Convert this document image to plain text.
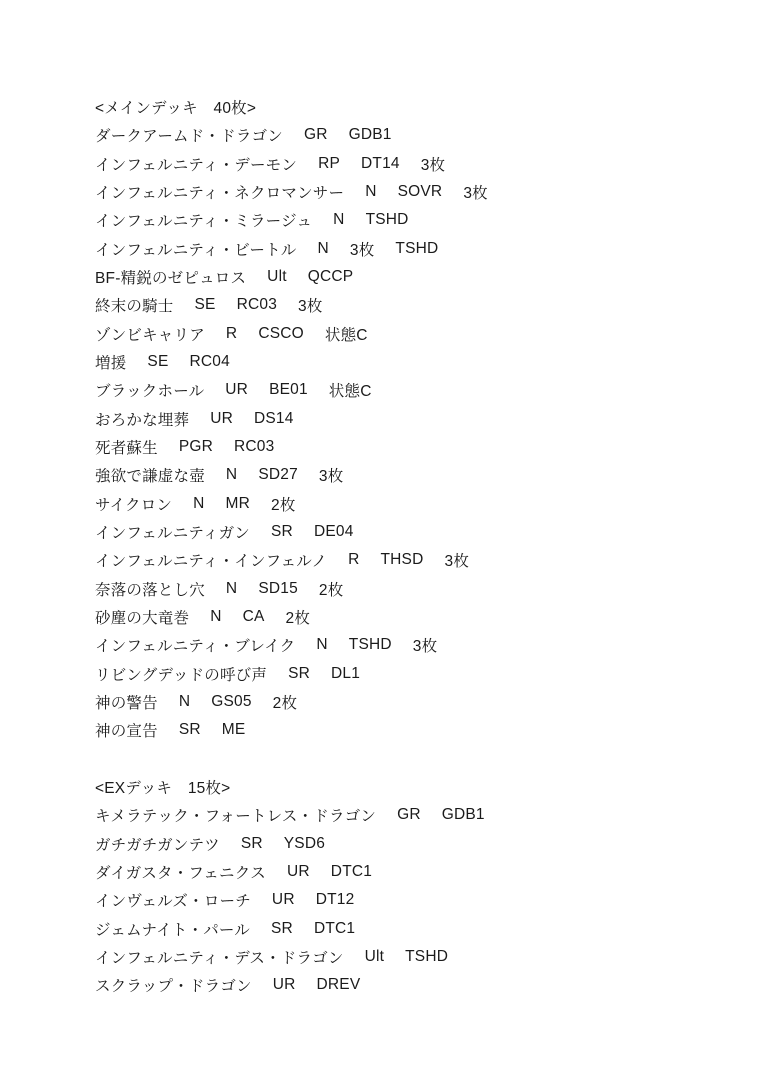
<メインデッキ　40枚>
ダークアームド・ドラゴン GR GDB1
インフェルニティ・デーモン RP DT14 3枚
インフェルニティ・ネクロマンサー N SOVR 3枚
インフェルニティ・ミラージュ N TSHD
インフェルニティ・ビートル N 3枚 TSHD
BF-精鋭のゼピュロス Ult QCCP
終末の騎士 SE RC03 3枚
ゾンビキャリア R CSCO 状態C
増援 SE RC04
ブラックホール UR BE01 状態C
おろかな埋葬 UR DS14
死者蘇生 PGR RC03
強欲で謙虚な壺 N SD27 3枚
サイクロン N MR 2枚
インフェルニティガン SR DE04
インフェルニティ・インフェルノ R THSD 3枚
奈落の落とし穴 N SD15 2枚
砂塵の大竜巻 N CA 2枚
インフェルニティ・ブレイク N TSHD 3枚
リビングデッドの呼び声 SR DL1
神の警告 N GS05 2枚
神の宣告 SR ME
<EXデッキ　15枚>
キメラテック・フォートレス・ドラゴン GR GDB1
ガチガチガンテツ SR YSD6
ダイガスタ・フェニクス UR DTC1
インヴェルズ・ローチ UR DT12
ジェムナイト・パール SR DTC1
インフェルニティ・デス・ドラゴン Ult TSHD
スクラップ・ドラゴン UR DREV
